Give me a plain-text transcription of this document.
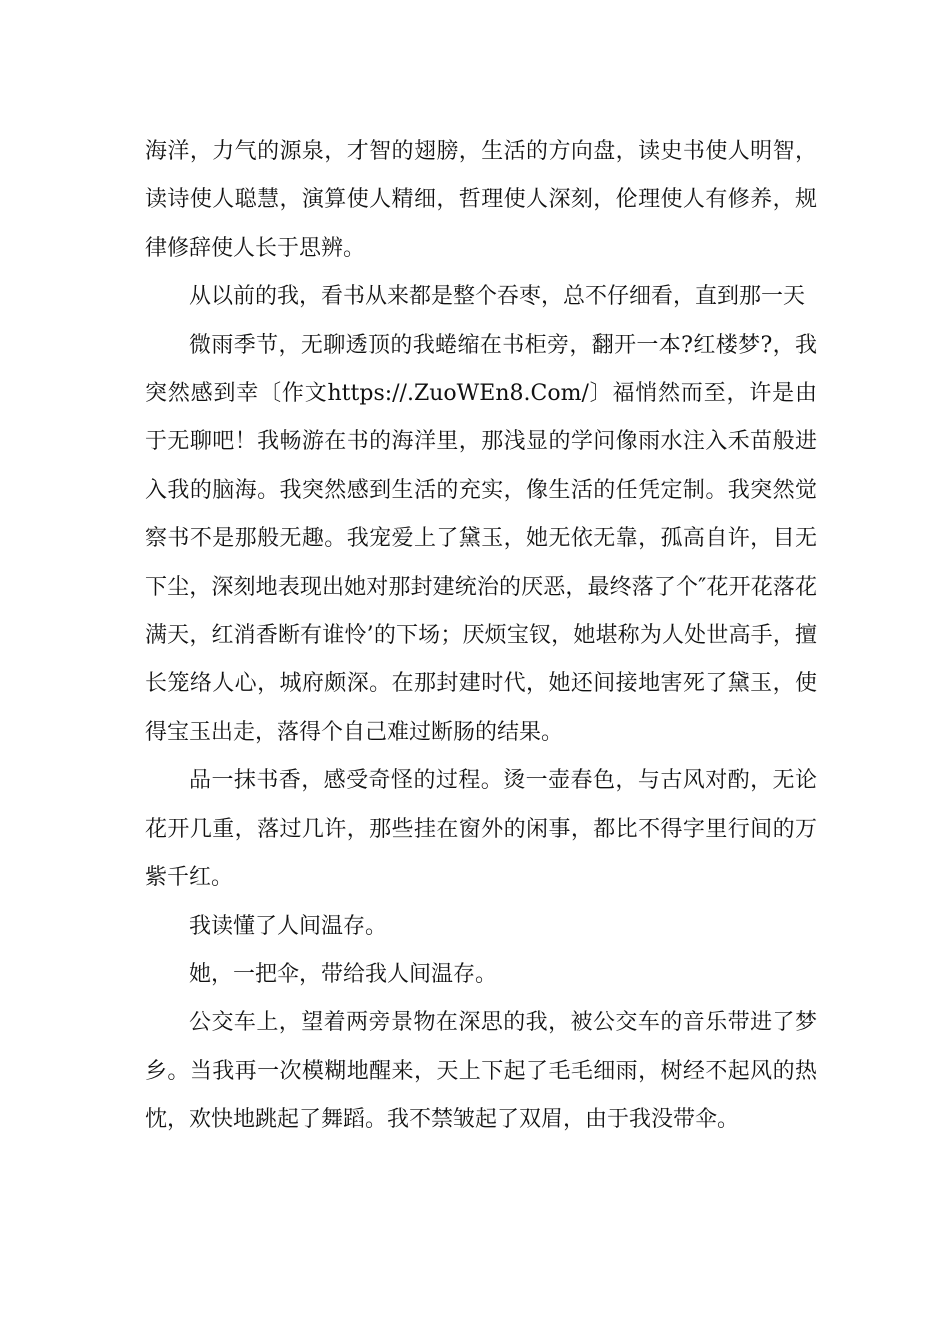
海洋，力气的源泉，才智的翅膀，生活的方向盘，读史书使人明智，读诗使人聪慧，演算使人精细，哲理使人深刻，伦理使人有修养，规律修辞使人长于思辨。

从以前的我，看书从来都是整个吞枣，总不仔细看，直到那一天

微雨季节，无聊透顶的我蜷缩在书柜旁，翻开一本?红楼梦?，我突然感到幸〔作文https://.ZuoWEn8.Com/〕福悄然而至，许是由于无聊吧！我畅游在书的海洋里，那浅显的学问像雨水注入禾苗般进入我的脑海。我突然感到生活的充实，像生活的任凭定制。我突然觉察书不是那般无趣。我宠爱上了黛玉，她无依无靠，孤高自许，目无下尘，深刻地表现出她对那封建统治的厌恶，最终落了个″花开花落花满天，红消香断有谁怜’的下场；厌烦宝钗，她堪称为人处世高手，擅长笼络人心，城府颇深。在那封建时代，她还间接地害死了黛玉，使得宝玉出走，落得个自己难过断肠的结果。

品一抹书香，感受奇怪的过程。烫一壶春色，与古风对酌，无论花开几重，落过几许，那些挂在窗外的闲事，都比不得字里行间的万紫千红。

我读懂了人间温存。

她，一把伞，带给我人间温存。

公交车上，望着两旁景物在深思的我，被公交车的音乐带进了梦乡。当我再一次模糊地醒来，天上下起了毛毛细雨，树经不起风的热忱，欢快地跳起了舞蹈。我不禁皱起了双眉，由于我没带伞。
